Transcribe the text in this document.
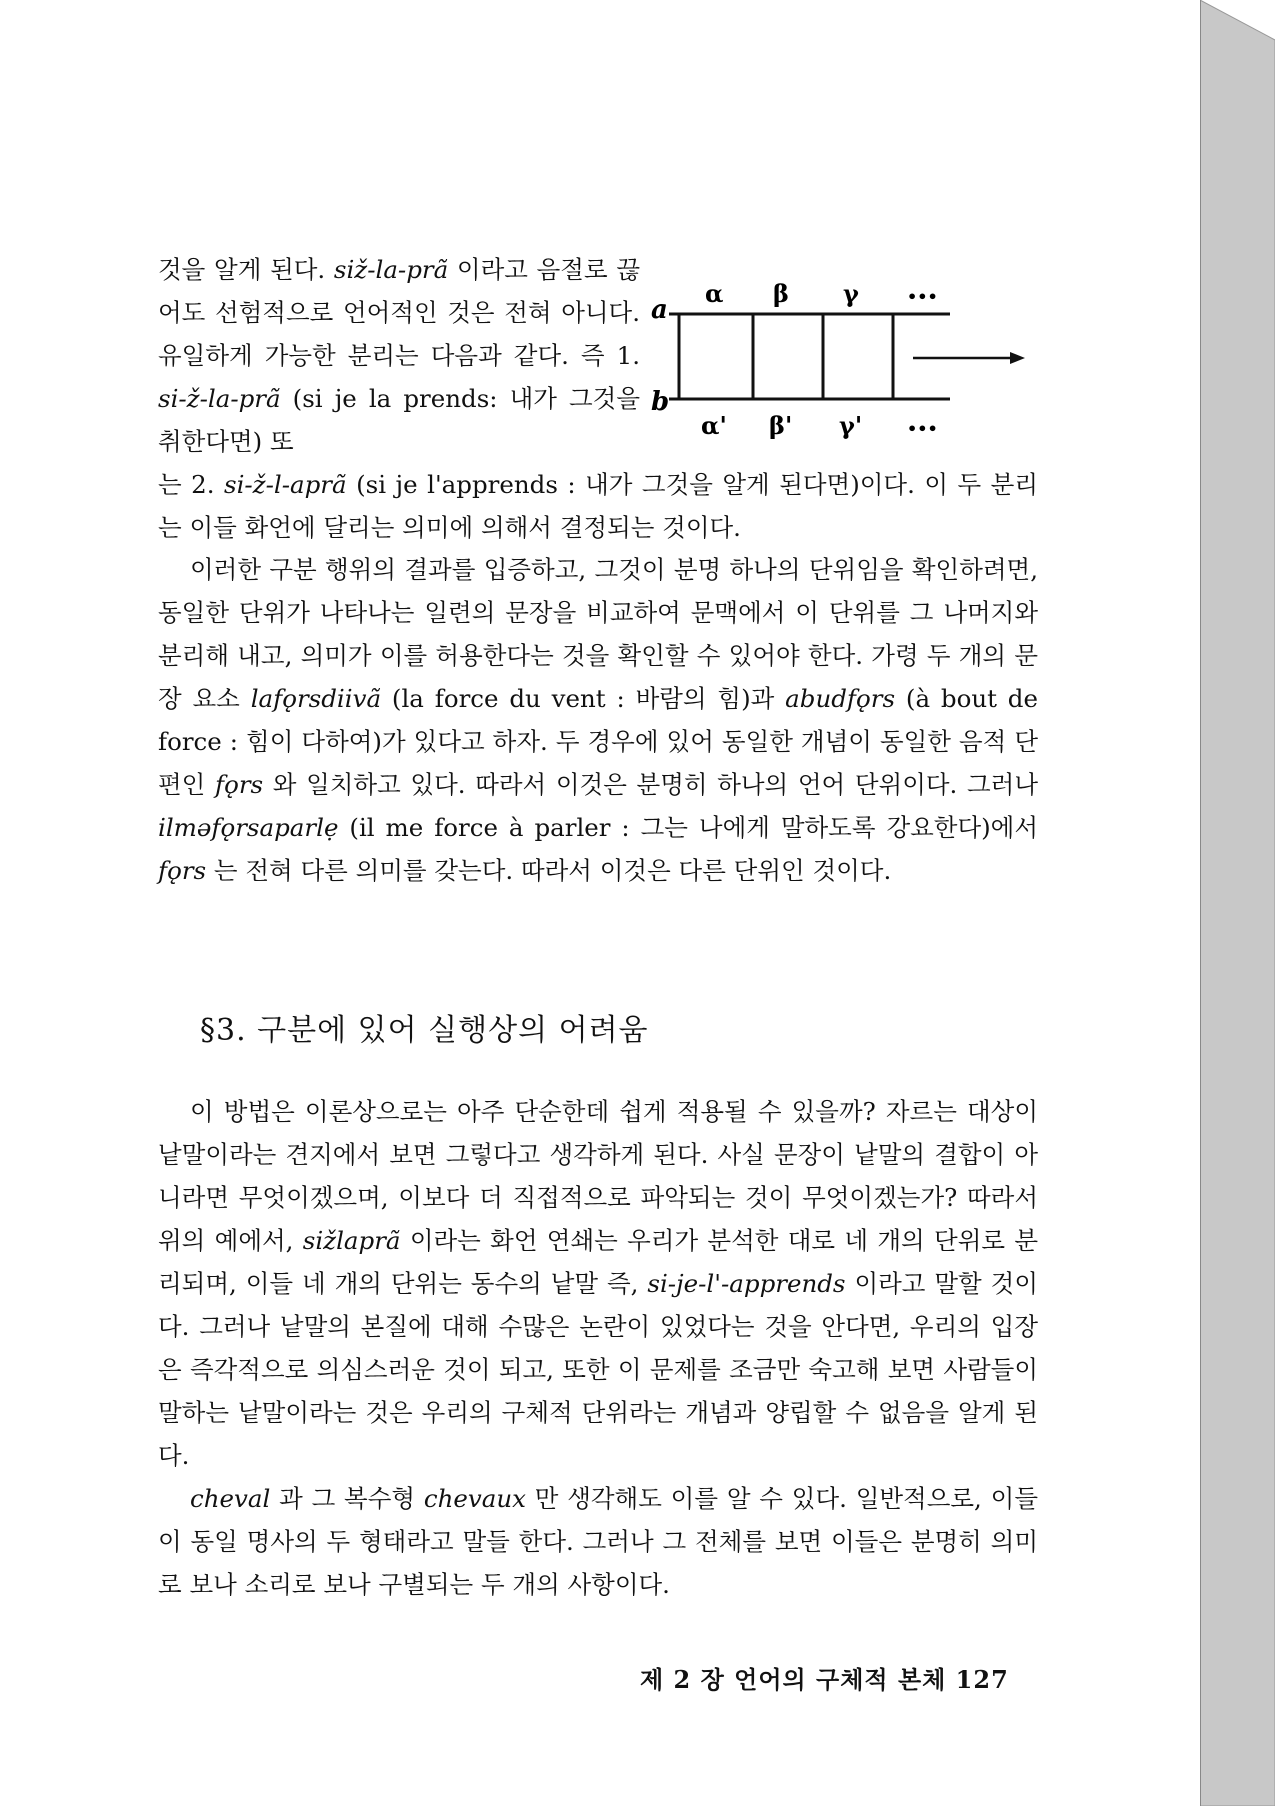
것을 알게 된다. siž-la-prã 이라고 음절로 끊어도 선험적으로 언어적인 것은 전혀 아니다. 유일하게 가능한 분리는 다음과 같다. 즉 1. si-ž-la-prã (si je la prends: 내가 그것을 취한다면) 또

는 2. si-ž-l-aprã (si je l'apprends : 내가 그것을 알게 된다면)이다. 이 두 분리는 이들 화언에 달리는 의미에 의해서 결정되는 것이다.

α β γ	•••
a
b
α' β' γ'	•••

이러한 구분 행위의 결과를 입증하고, 그것이 분명 하나의 단위임을 확인하려면, 동일한 단위가 나타나는 일련의 문장을 비교하여 문맥에서 이 단위를 그 나머지와 분리해 내고, 의미가 이를 허용한다는 것을 확인할 수 있어야 한다. 가령 두 개의 문장 요소 lafǫrsdiivã (la force du vent : 바람의 힘)과 abudfǫrs (à bout de force : 힘이 다하여)가 있다고 하자. 두 경우에 있어 동일한 개념이 동일한 음적 단편인 fǫrs 와 일치하고 있다. 따라서 이것은 분명히 하나의 언어 단위이다. 그러나 ilməfǫrsaparlẹ (il me force à parler : 그는 나에게 말하도록 강요한다)에서 fǫrs 는 전혀 다른 의미를 갖는다. 따라서 이것은 다른 단위인 것이다.

§3. 구분에 있어 실행상의 어려움

이 방법은 이론상으로는 아주 단순한데 쉽게 적용될 수 있을까? 자르는 대상이 낱말이라는 견지에서 보면 그렇다고 생각하게 된다. 사실 문장이 낱말의 결합이 아니라면 무엇이겠으며, 이보다 더 직접적으로 파악되는 것이 무엇이겠는가? 따라서 위의 예에서, sižlaprã 이라는 화언 연쇄는 우리가 분석한 대로 네 개의 단위로 분리되며, 이들 네 개의 단위는 동수의 낱말 즉, si-je-l'-apprends 이라고 말할 것이다. 그러나 낱말의 본질에 대해 수많은 논란이 있었다는 것을 안다면, 우리의 입장은 즉각적으로 의심스러운 것이 되고, 또한 이 문제를 조금만 숙고해 보면 사람들이 말하는 낱말이라는 것은 우리의 구체적 단위라는 개념과 양립할 수 없음을 알게 된다.

cheval 과 그 복수형 chevaux 만 생각해도 이를 알 수 있다. 일반적으로, 이들이 동일 명사의 두 형태라고 말들 한다. 그러나 그 전체를 보면 이들은 분명히 의미로 보나 소리로 보나 구별되는 두 개의 사항이다.

제 2 장 언어의 구체적 본체 127
